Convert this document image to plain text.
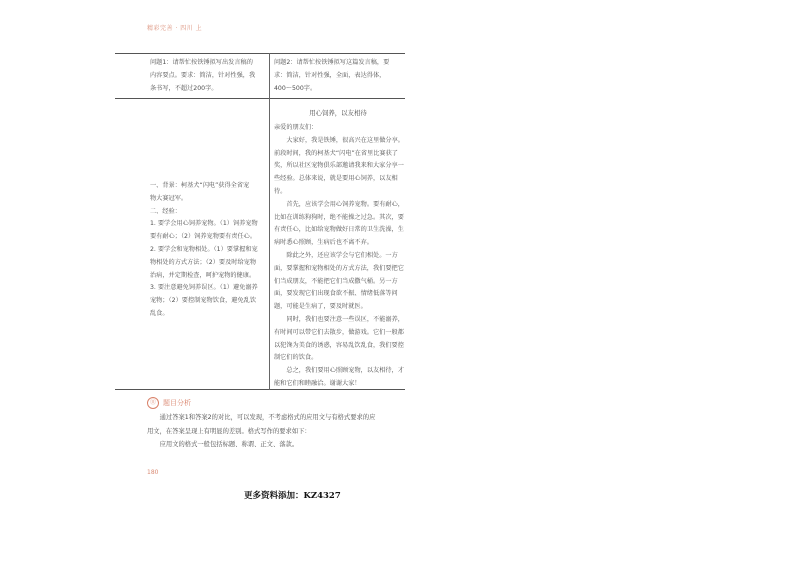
精彩完善 · 四川 上

问题1：请帮忙按铁锤拟写出发言稿的

内容要点。要求：简洁，针对性强，我

条书写，不超过200字。

问题2：请帮忙按铁锤拟写这篇发言稿，要

求：简洁，针对性强，全面，表达得体，

400～500字。

一、背景：柯基犬“闪电”获得全省宠

物大赛冠军。

二、经验：

1. 要学会用心饲养宠物。（1）饲养宠物

要有耐心；（2）饲养宠物要有责任心。

2. 要学会和宠物相处。（1）要掌握和宠

物相处的方式方法；（2）要及时给宠物

治病，并定期检查，呵护宠物的健康。

3. 要注意避免饲养误区。（1）避免溺养

宠物；（2）要控制宠物饮食，避免乱饮

乱食。

用心饲养，以友相待

亲爱的朋友们：

大家好，我是铁锤，很高兴在这里做分享。前段时间，我的柯基犬“闪电”在省里比赛获了奖，所以社区宠物俱乐部邀请我来和大家分享一些经验。总体来说，就是要用心饲养，以友相待。

首先，应该学会用心饲养宠物。要有耐心，比如在训练狗狗时，绝不能操之过急。其次，要有责任心，比如给宠物做好日常的卫生洗澡，生病时悉心照顾，生病后也不离不弃。

除此之外，还应该学会与它们相处。一方面，要掌握和宠物相处的方式方法，我们要把它们当成朋友，不能把它们当成撒气桶。另一方面，要发现它们出现食欲不振、情绪低落等问题，可能是生病了，要及时就医。

同时，我们也要注意一些误区，不能溺养，有时间可以带它们去散步，做游戏。它们一般都以犯馋为美食的诱惑，容易乱饮乱食，我们要控制它们的饮食。

总之，我们要用心照顾宠物，以友相待，才能和它们和睦融洽。谢谢大家！

⑪	题目分析

通过答案1和答案2的对比，可以发现，不考虑格式的应用文与有格式要求的应

用文，在答案呈现上有明显的差别。格式写作的要求如下：

应用文的格式一般包括标题、称谓、正文、落款。

180
更多资料添加：KZ4327
